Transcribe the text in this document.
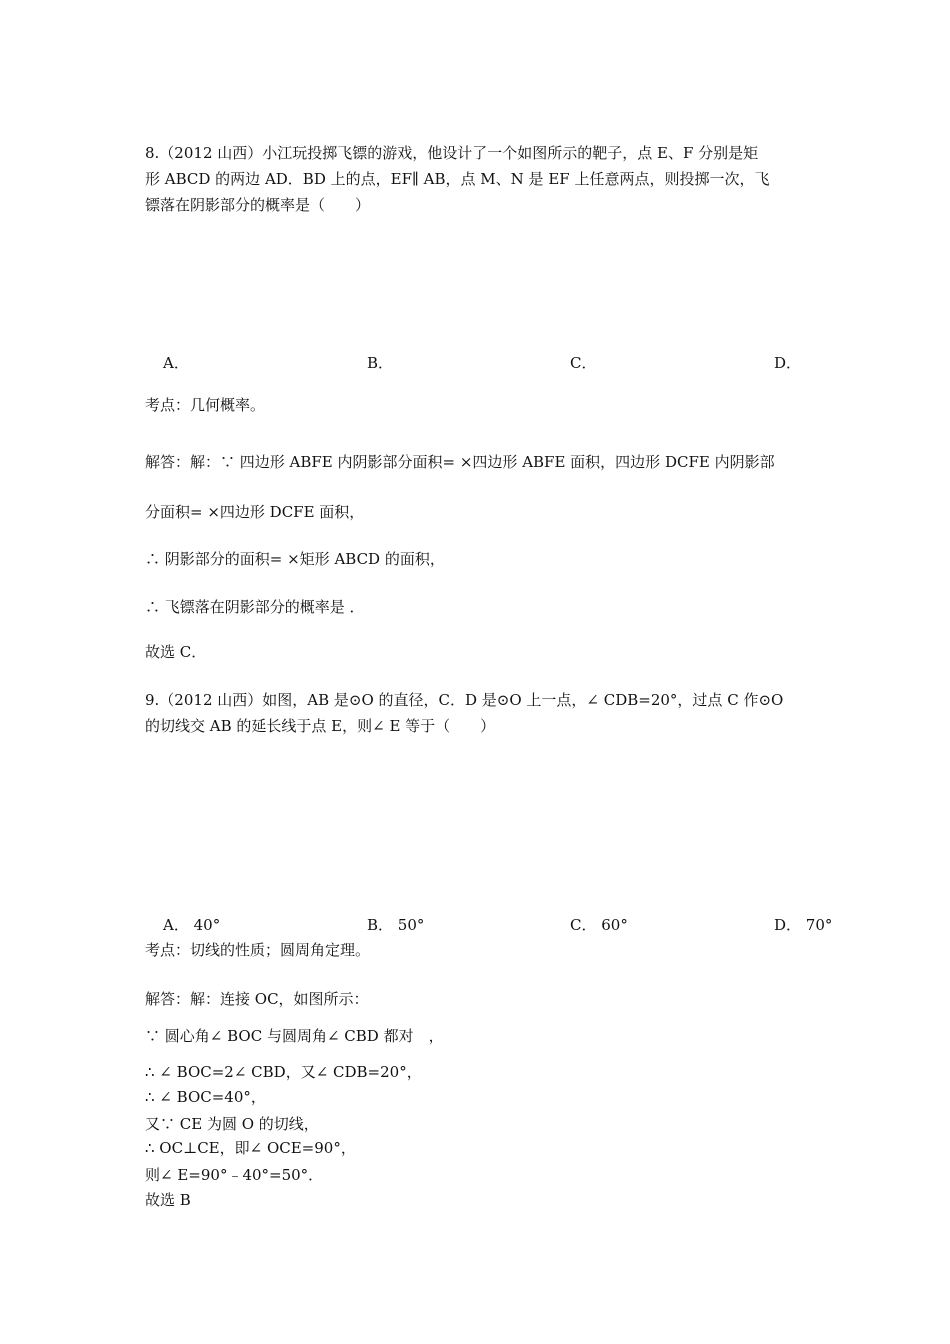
8.（2012 山西）小江玩投掷飞镖的游戏，他设计了一个如图所示的靶子，点 E、F 分别是矩
形 ABCD 的两边 AD．BD 上的点，EF∥ AB，点 M、N 是 EF 上任意两点，则投掷一次，飞
镖落在阴影部分的概率是（　　）
A．	B．	C．	D．
考点：几何概率。
解答：解：∵ 四边形 ABFE 内阴影部分面积= ×四边形 ABFE 面积，四边形 DCFE 内阴影部
分面积= ×四边形 DCFE 面积，
∴ 阴影部分的面积= ×矩形 ABCD 的面积，
∴ 飞镖落在阴影部分的概率是 ．
故选 C．
9.（2012 山西）如图，AB 是⊙O 的直径，C．D 是⊙O 上一点，∠ CDB=20°，过点 C 作⊙O
的切线交 AB 的延长线于点 E，则∠ E 等于（　　）
A． 40°	B． 50°	C． 60°	D． 70°
考点：切线的性质；圆周角定理。
解答：解：连接 OC，如图所示：
∵ 圆心角∠ BOC 与圆周角∠ CBD 都对　，
∴ ∠ BOC=2∠ CBD，又∠ CDB=20°，
∴ ∠ BOC=40°，
又∵ CE 为圆 O 的切线，
∴ OC⊥CE，即∠ OCE=90°，
则∠ E=90°﹣40°=50°．
故选 B
